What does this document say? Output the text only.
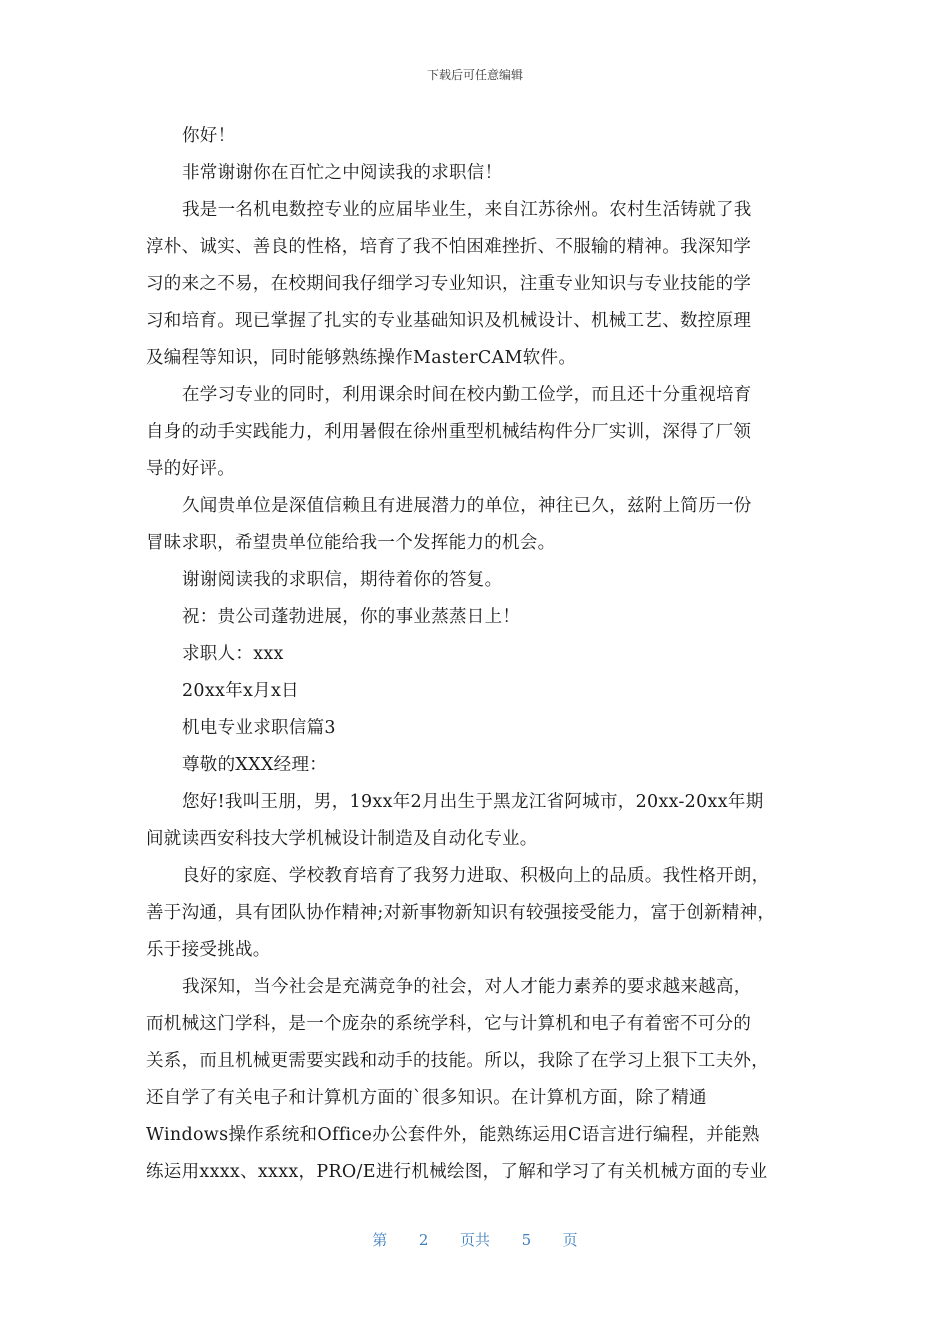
下载后可任意编辑
你好！
非常谢谢你在百忙之中阅读我的求职信！
我是一名机电数控专业的应届毕业生，来自江苏徐州。农村生活铸就了我
淳朴、诚实、善良的性格，培育了我不怕困难挫折、不服输的精神。我深知学
习的来之不易，在校期间我仔细学习专业知识，注重专业知识与专业技能的学
习和培育。现已掌握了扎实的专业基础知识及机械设计、机械工艺、数控原理
及编程等知识，同时能够熟练操作MasterCAM软件。
在学习专业的同时，利用课余时间在校内勤工俭学，而且还十分重视培育
自身的动手实践能力，利用暑假在徐州重型机械结构件分厂实训，深得了厂领
导的好评。
久闻贵单位是深值信赖且有进展潜力的单位，神往已久，兹附上简历一份
冒昧求职，希望贵单位能给我一个发挥能力的机会。
谢谢阅读我的求职信，期待着你的答复。
祝：贵公司蓬勃进展，你的事业蒸蒸日上！
求职人：xxx
20xx年x月x日
机电专业求职信篇3
尊敬的XXX经理：
您好!我叫王朋，男，19xx年2月出生于黑龙江省阿城市，20xx-20xx年期
间就读西安科技大学机械设计制造及自动化专业。
良好的家庭、学校教育培育了我努力进取、积极向上的品质。我性格开朗，
善于沟通，具有团队协作精神;对新事物新知识有较强接受能力，富于创新精神，
乐于接受挑战。
我深知，当今社会是充满竞争的社会，对人才能力素养的要求越来越高，
而机械这门学科，是一个庞杂的系统学科，它与计算机和电子有着密不可分的
关系，而且机械更需要实践和动手的技能。所以，我除了在学习上狠下工夫外，
还自学了有关电子和计算机方面的`很多知识。在计算机方面，除了精通
Windows操作系统和Office办公套件外，能熟练运用C语言进行编程，并能熟
练运用xxxx、xxxx，PRO/E进行机械绘图，了解和学习了有关机械方面的专业
第 2 页共 5 页
